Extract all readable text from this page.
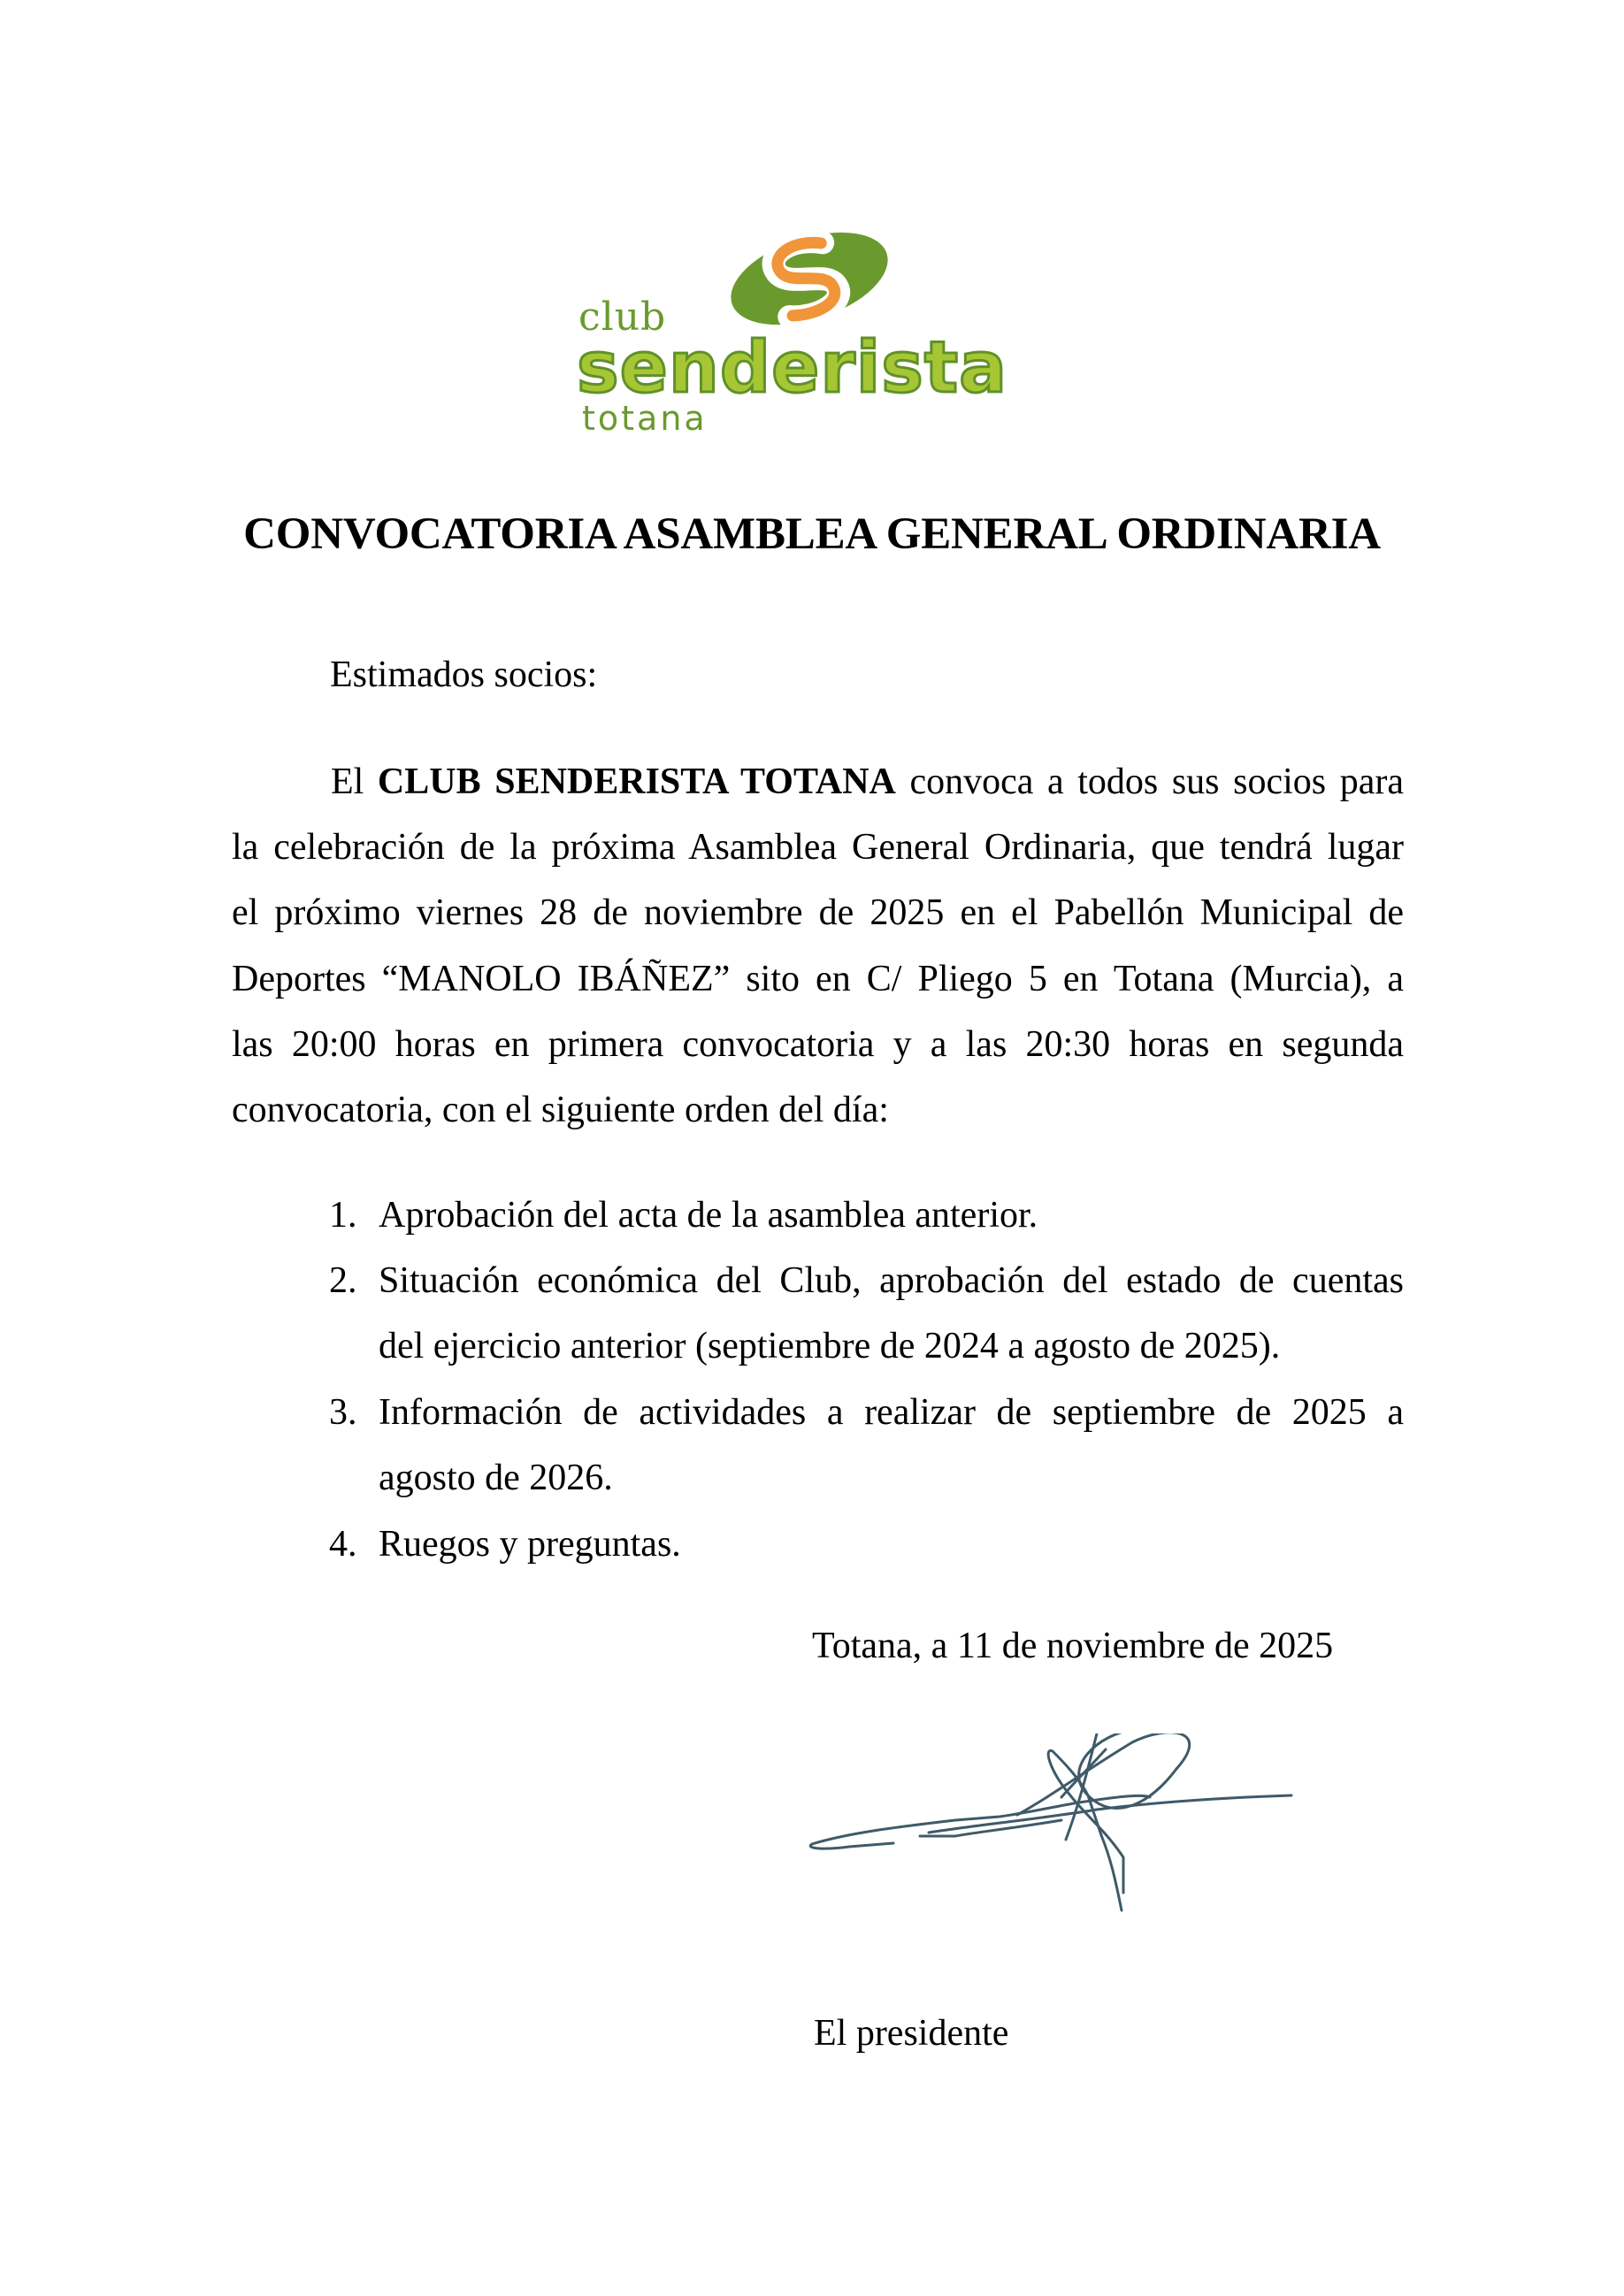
club
senderista
totana
CONVOCATORIA ASAMBLEA GENERAL ORDINARIA
Estimados socios:
El CLUB SENDERISTA TOTANA convoca a todos sus socios para
la celebración de la próxima Asamblea General Ordinaria, que tendrá lugar
el próximo viernes 28 de noviembre de 2025 en el Pabellón Municipal de
Deportes “MANOLO IBÁÑEZ” sito en C/ Pliego 5 en Totana (Murcia), a
las 20:00 horas en primera convocatoria y a las 20:30 horas en segunda
convocatoria, con el siguiente orden del día:
1. Aprobación del acta de la asamblea anterior.
2. Situación económica del Club, aprobación del estado de cuentas
del ejercicio anterior (septiembre de 2024 a agosto de 2025).
3. Información de actividades a realizar de septiembre de 2025 a
agosto de 2026.
4. Ruegos y preguntas.
Totana, a 11 de noviembre de 2025
El presidente
